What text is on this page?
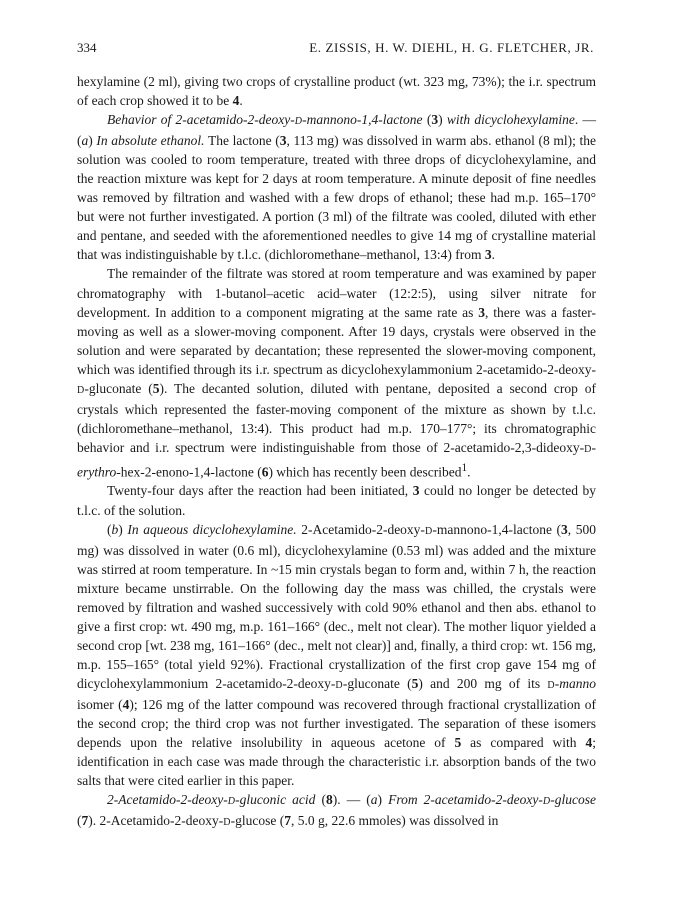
334	E. ZISSIS, H. W. DIEHL, H. G. FLETCHER, JR.

hexylamine (2 ml), giving two crops of crystalline product (wt. 323 mg, 73%); the i.r. spectrum of each crop showed it to be 4.

Behavior of 2-acetamido-2-deoxy-D-mannono-1,4-lactone (3) with dicyclohexylamine. — (a) In absolute ethanol. The lactone (3, 113 mg) was dissolved in warm abs. ethanol (8 ml); the solution was cooled to room temperature, treated with three drops of dicyclohexylamine, and the reaction mixture was kept for 2 days at room temperature. A minute deposit of fine needles was removed by filtration and washed with a few drops of ethanol; these had m.p. 165–170° but were not further investigated. A portion (3 ml) of the filtrate was cooled, diluted with ether and pentane, and seeded with the aforementioned needles to give 14 mg of crystalline material that was indistinguishable by t.l.c. (dichloromethane–methanol, 13:4) from 3.

The remainder of the filtrate was stored at room temperature and was examined by paper chromatography with 1-butanol–acetic acid–water (12:2:5), using silver nitrate for development. In addition to a component migrating at the same rate as 3, there was a faster-moving as well as a slower-moving component. After 19 days, crystals were observed in the solution and were separated by decantation; these represented the slower-moving component, which was identified through its i.r. spectrum as dicyclohexylammonium 2-acetamido-2-deoxy-D-gluconate (5). The decanted solution, diluted with pentane, deposited a second crop of crystals which represented the faster-moving component of the mixture as shown by t.l.c. (dichloromethane–methanol, 13:4). This product had m.p. 170–177°; its chromatographic behavior and i.r. spectrum were indistinguishable from those of 2-acetamido-2,3-dideoxy-D-erythro-hex-2-enono-1,4-lactone (6) which has recently been described$^1$.

Twenty-four days after the reaction had been initiated, 3 could no longer be detected by t.l.c. of the solution.

(b) In aqueous dicyclohexylamine. 2-Acetamido-2-deoxy-D-mannono-1,4-lactone (3, 500 mg) was dissolved in water (0.6 ml), dicyclohexylamine (0.53 ml) was added and the mixture was stirred at room temperature. In ~15 min crystals began to form and, within 7 h, the reaction mixture became unstirrable. On the following day the mass was chilled, the crystals were removed by filtration and washed successively with cold 90% ethanol and then abs. ethanol to give a first crop: wt. 490 mg, m.p. 161–166° (dec., melt not clear). The mother liquor yielded a second crop [wt. 238 mg, 161–166° (dec., melt not clear)] and, finally, a third crop: wt. 156 mg, m.p. 155–165° (total yield 92%). Fractional crystallization of the first crop gave 154 mg of dicyclohexylammonium 2-acetamido-2-deoxy-D-gluconate (5) and 200 mg of its D-manno isomer (4); 126 mg of the latter compound was recovered through fractional crystallization of the second crop; the third crop was not further investigated. The separation of these isomers depends upon the relative insolubility in aqueous acetone of 5 as compared with 4; identification in each case was made through the characteristic i.r. absorption bands of the two salts that were cited earlier in this paper.

2-Acetamido-2-deoxy-D-gluconic acid (8). — (a) From 2-acetamido-2-deoxy-D-glucose (7). 2-Acetamido-2-deoxy-D-glucose (7, 5.0 g, 22.6 mmoles) was dissolved in
